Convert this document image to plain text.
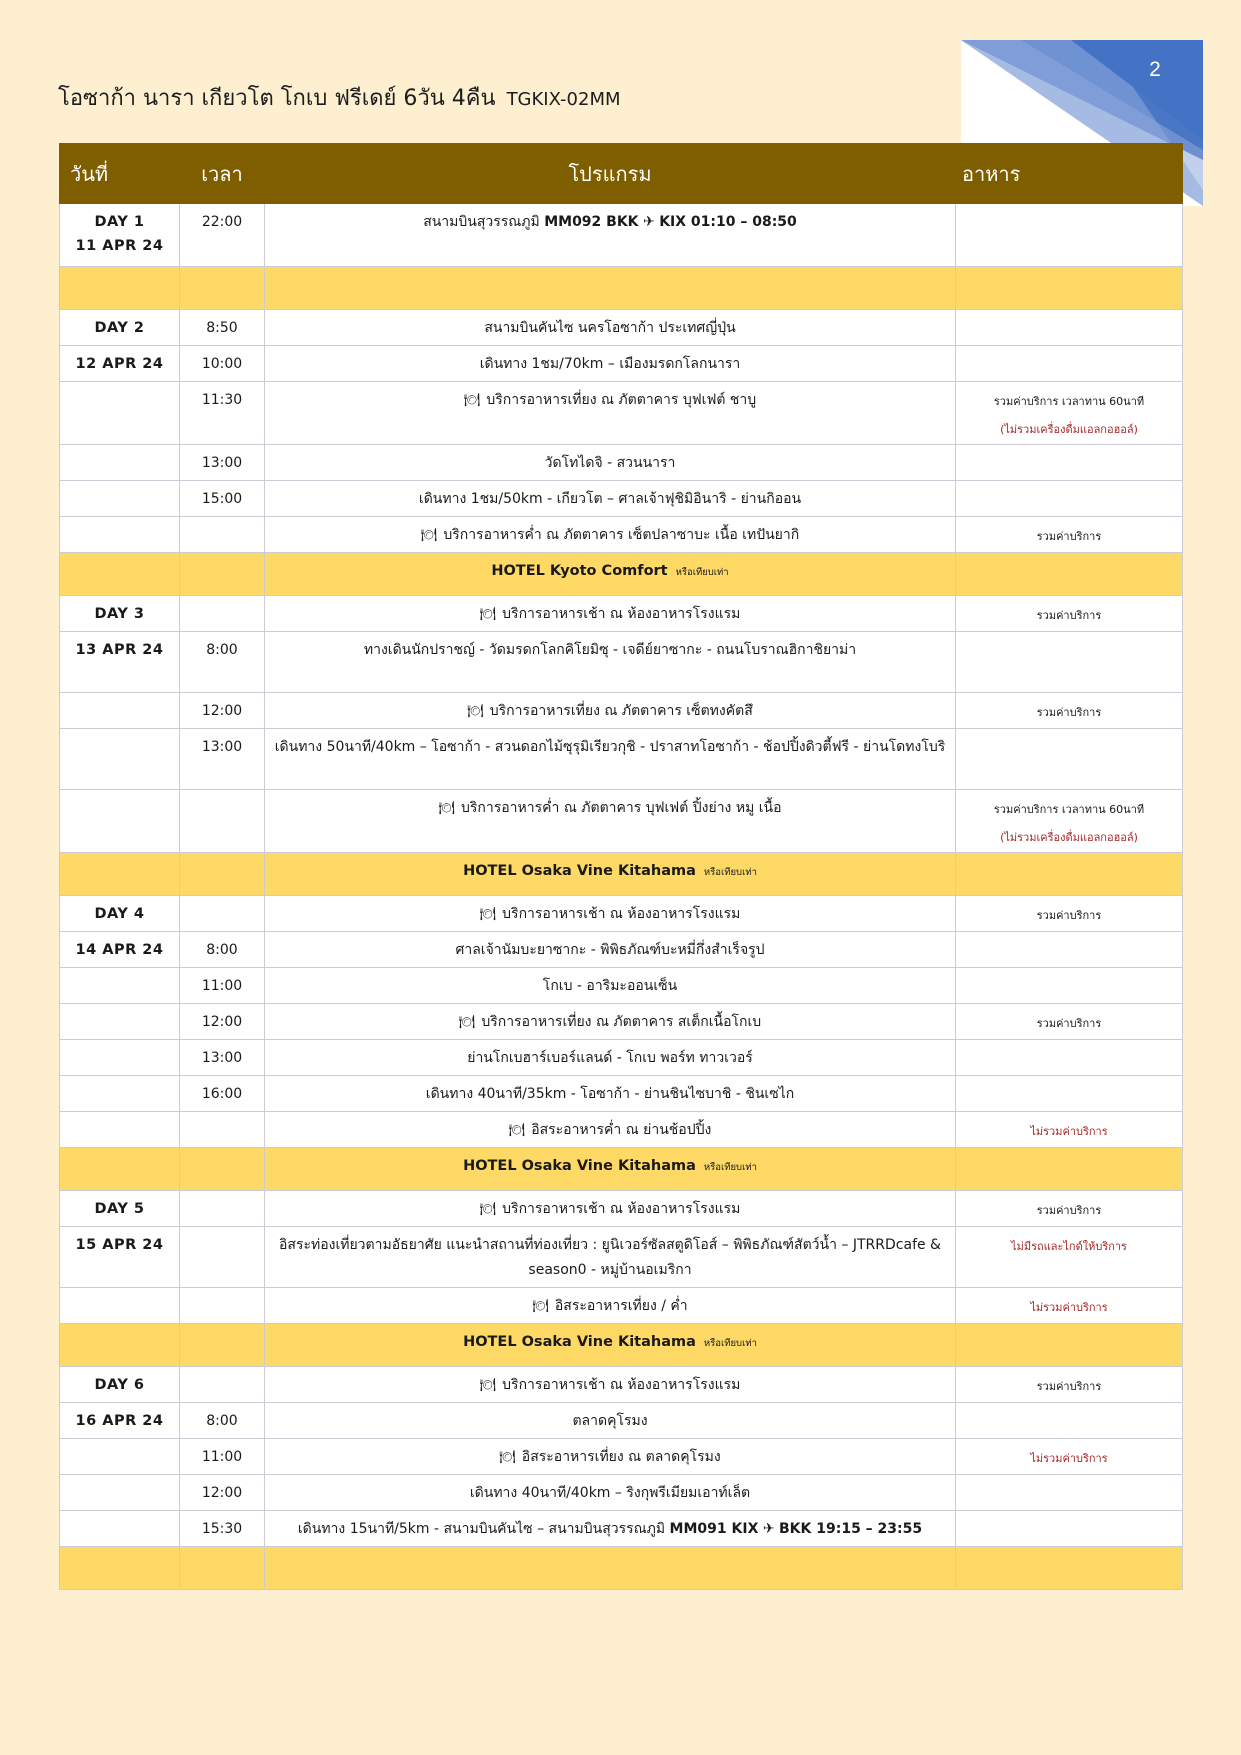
2
โอซาก้า นารา เกียวโต โกเบ ฟรีเดย์ 6วัน 4คืน TGKIX-02MM
วันที่	เวลา	โปรแกรม	อาหาร
DAY 1
11 APR 24	22:00	สนามบินสุวรรณภูมิ MM092 BKK ✈ KIX 01:10 – 08:50	

DAY 2	8:50	สนามบินคันไซ นครโอซาก้า ประเทศญี่ปุ่น	
12 APR 24	10:00	เดินทาง 1ชม/70km – เมืองมรดกโลกนารา	
	11:30	🍽 บริการอาหารเที่ยง ณ ภัตตาคาร บุฟเฟต์ ชาบู	รวมค่าบริการ เวลาทาน 60นาที
(ไม่รวมเครื่องดื่มแอลกอฮอล์)
	13:00	วัดโทไดจิ - สวนนารา	
	15:00	เดินทาง 1ชม/50km - เกียวโต – ศาลเจ้าฟุชิมิอินาริ - ย่านกิออน	
		🍽 บริการอาหารค่ำ ณ ภัตตาคาร เซ็ตปลาซาบะ เนื้อ เทปันยากิ	รวมค่าบริการ
		HOTEL Kyoto Comfort หรือเทียบเท่า	
DAY 3		🍽 บริการอาหารเช้า ณ ห้องอาหารโรงแรม	รวมค่าบริการ
13 APR 24	8:00	ทางเดินนักปราชญ์ - วัดมรดกโลกคิโยมิซุ - เจดีย์ยาซากะ - ถนนโบราณฮิกาชิยาม่า	
	12:00	🍽 บริการอาหารเที่ยง ณ ภัตตาคาร เซ็ตทงคัตสึ	รวมค่าบริการ
	13:00	เดินทาง 50นาที/40km – โอซาก้า - สวนดอกไม้ซุรุมิเรียวกุชิ - ปราสาทโอซาก้า - ช้อปปิ้งดิวตี้ฟรี - ย่านโดทงโบริ	
		🍽 บริการอาหารค่ำ ณ ภัตตาคาร บุฟเฟต์ ปิ้งย่าง หมู เนื้อ	รวมค่าบริการ เวลาทาน 60นาที
(ไม่รวมเครื่องดื่มแอลกอฮอล์)
		HOTEL Osaka Vine Kitahama หรือเทียบเท่า	
DAY 4		🍽 บริการอาหารเช้า ณ ห้องอาหารโรงแรม	รวมค่าบริการ
14 APR 24	8:00	ศาลเจ้านัมบะยาซากะ - พิพิธภัณฑ์บะหมี่กึ่งสำเร็จรูป	
	11:00	โกเบ - อาริมะออนเซ็น	
	12:00	🍽 บริการอาหารเที่ยง ณ ภัตตาคาร สเต็กเนื้อโกเบ	รวมค่าบริการ
	13:00	ย่านโกเบฮาร์เบอร์แลนด์ - โกเบ พอร์ท ทาวเวอร์	
	16:00	เดินทาง 40นาที/35km - โอซาก้า - ย่านชินไซบาชิ - ชินเซไก	
		🍽 อิสระอาหารค่ำ ณ ย่านช้อปปิ้ง	ไม่รวมค่าบริการ
		HOTEL Osaka Vine Kitahama หรือเทียบเท่า	
DAY 5		🍽 บริการอาหารเช้า ณ ห้องอาหารโรงแรม	รวมค่าบริการ
15 APR 24		อิสระท่องเที่ยวตามอัธยาศัย แนะนำสถานที่ท่องเที่ยว : ยูนิเวอร์ซัลสตูดิโอส์ – พิพิธภัณฑ์สัตว์น้ำ – JTRRDcafe & season0 - หมู่บ้านอเมริกา	ไม่มีรถและไกด์ให้บริการ
		🍽 อิสระอาหารเที่ยง / ค่ำ	ไม่รวมค่าบริการ
		HOTEL Osaka Vine Kitahama หรือเทียบเท่า	
DAY 6		🍽 บริการอาหารเช้า ณ ห้องอาหารโรงแรม	รวมค่าบริการ
16 APR 24	8:00	ตลาดคุโรมง	
	11:00	🍽 อิสระอาหารเที่ยง ณ ตลาดคุโรมง	ไม่รวมค่าบริการ
	12:00	เดินทาง 40นาที/40km – ริงกุพรีเมียมเอาท์เล็ต	
	15:30	เดินทาง 15นาที/5km - สนามบินคันไซ – สนามบินสุวรรณภูมิ MM091 KIX ✈ BKK 19:15 – 23:55	
